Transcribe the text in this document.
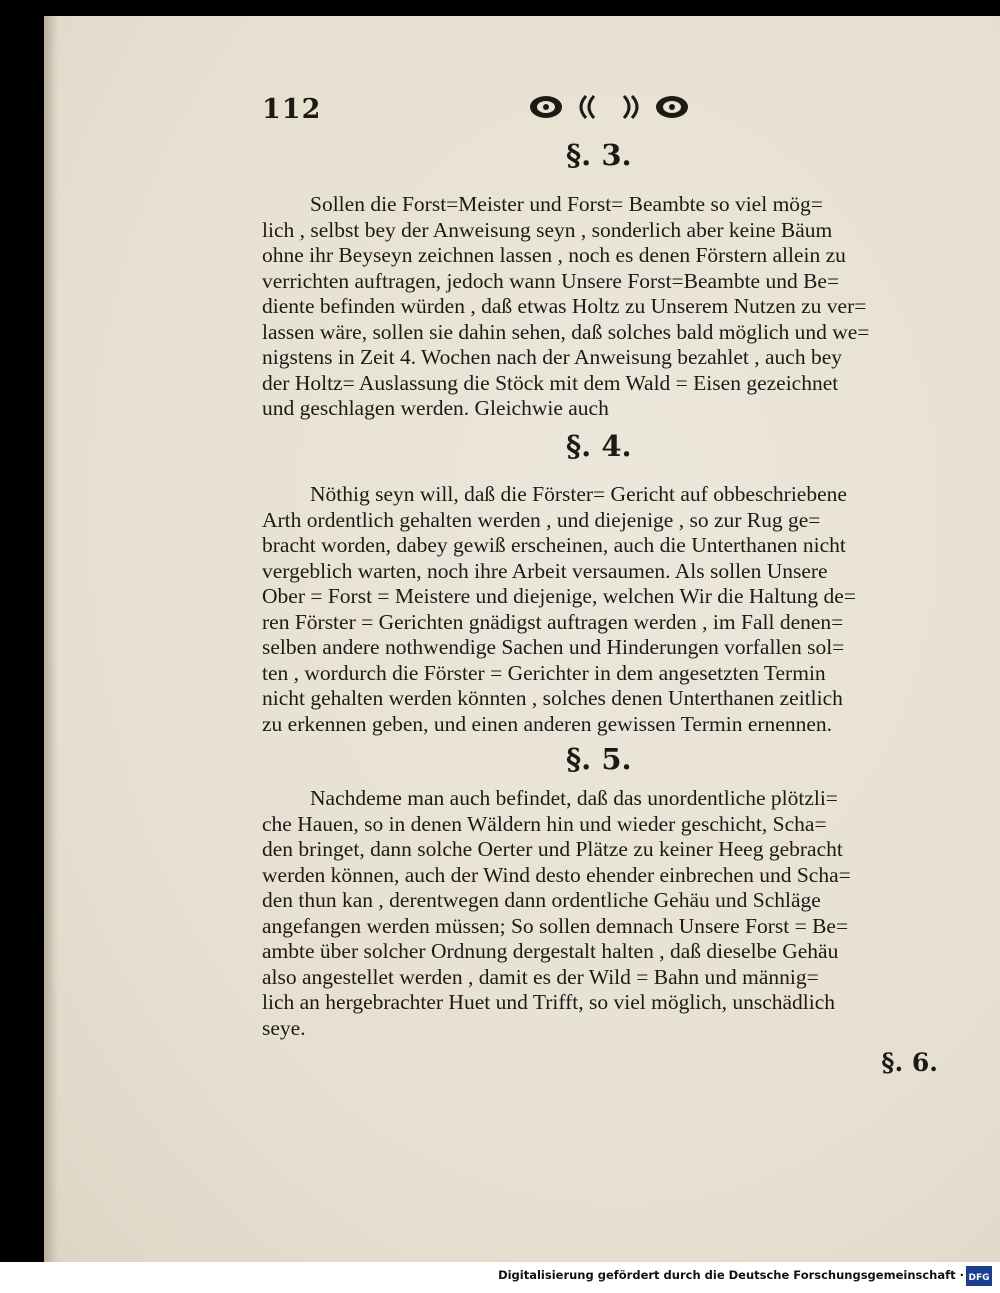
112
§. 3.
Sollen die Forst=Meister und Forst= Beambte so viel mög=
lich , selbst bey der Anweisung seyn , sonderlich aber keine Bäum
ohne ihr Beyseyn zeichnen lassen , noch es denen Förstern allein zu
verrichten auftragen, jedoch wann Unsere Forst=Beambte und Be=
diente befinden würden , daß etwas Holtz zu Unserem Nutzen zu ver=
lassen wäre, sollen sie dahin sehen, daß solches bald möglich und we=
nigstens in Zeit 4. Wochen nach der Anweisung bezahlet , auch bey
der Holtz= Auslassung die Stöck mit dem Wald = Eisen gezeichnet
und geschlagen werden. Gleichwie auch
§. 4.
Nöthig seyn will, daß die Förster= Gericht auf obbeschriebene
Arth ordentlich gehalten werden , und diejenige , so zur Rug ge=
bracht worden, dabey gewiß erscheinen, auch die Unterthanen nicht
vergeblich warten, noch ihre Arbeit versaumen. Als sollen Unsere
Ober = Forst = Meistere und diejenige, welchen Wir die Haltung de=
ren Förster = Gerichten gnädigst auftragen werden , im Fall denen=
selben andere nothwendige Sachen und Hinderungen vorfallen sol=
ten , wordurch die Förster = Gerichter in dem angesetzten Termin
nicht gehalten werden könnten , solches denen Unterthanen zeitlich
zu erkennen geben, und einen anderen gewissen Termin ernennen.
§. 5.
Nachdeme man auch befindet, daß das unordentliche plötzli=
che Hauen, so in denen Wäldern hin und wieder geschicht, Scha=
den bringet, dann solche Oerter und Plätze zu keiner Heeg gebracht
werden können, auch der Wind desto ehender einbrechen und Scha=
den thun kan , derentwegen dann ordentliche Gehäu und Schläge
angefangen werden müssen; So sollen demnach Unsere Forst = Be=
ambte über solcher Ordnung dergestalt halten , daß dieselbe Gehäu
also angestellet werden , damit es der Wild = Bahn und männig=
lich an hergebrachter Huet und Trifft, so viel möglich, unschädlich
seye.
§. 6.
Digitalisierung gefördert durch die Deutsche Forschungsgemeinschaft · DFG
